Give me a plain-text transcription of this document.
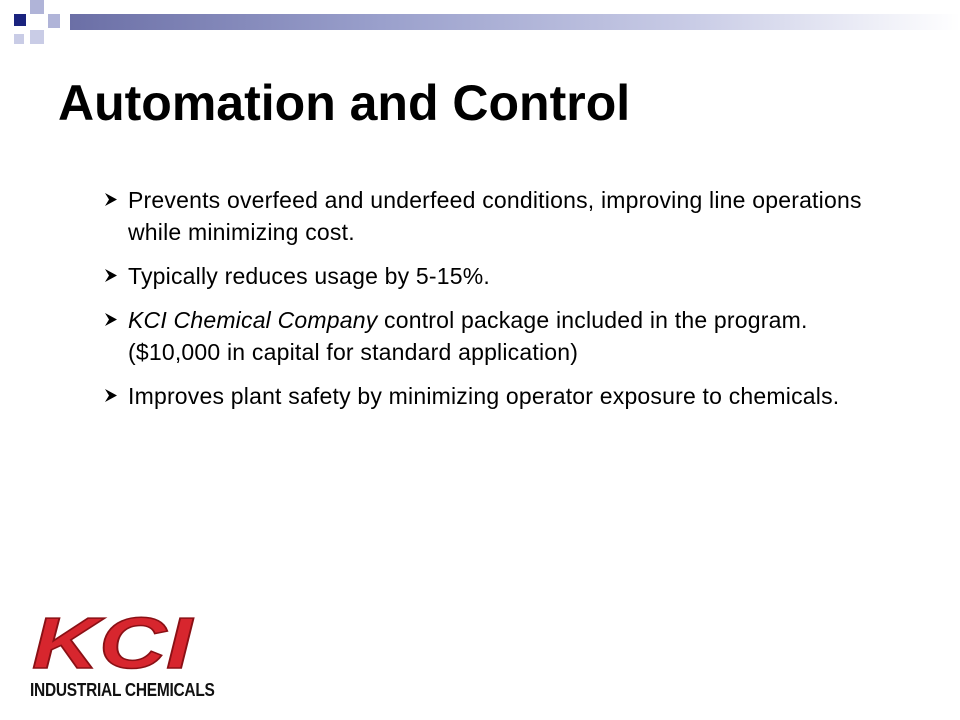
Automation and Control
Prevents overfeed and underfeed conditions, improving line operations while minimizing cost.
Typically reduces usage by 5-15%.
KCI Chemical Company control package included in the program. ($10,000 in capital for standard application)
Improves plant safety by minimizing operator exposure to chemicals.
KCI
INDUSTRIAL CHEMICALS
